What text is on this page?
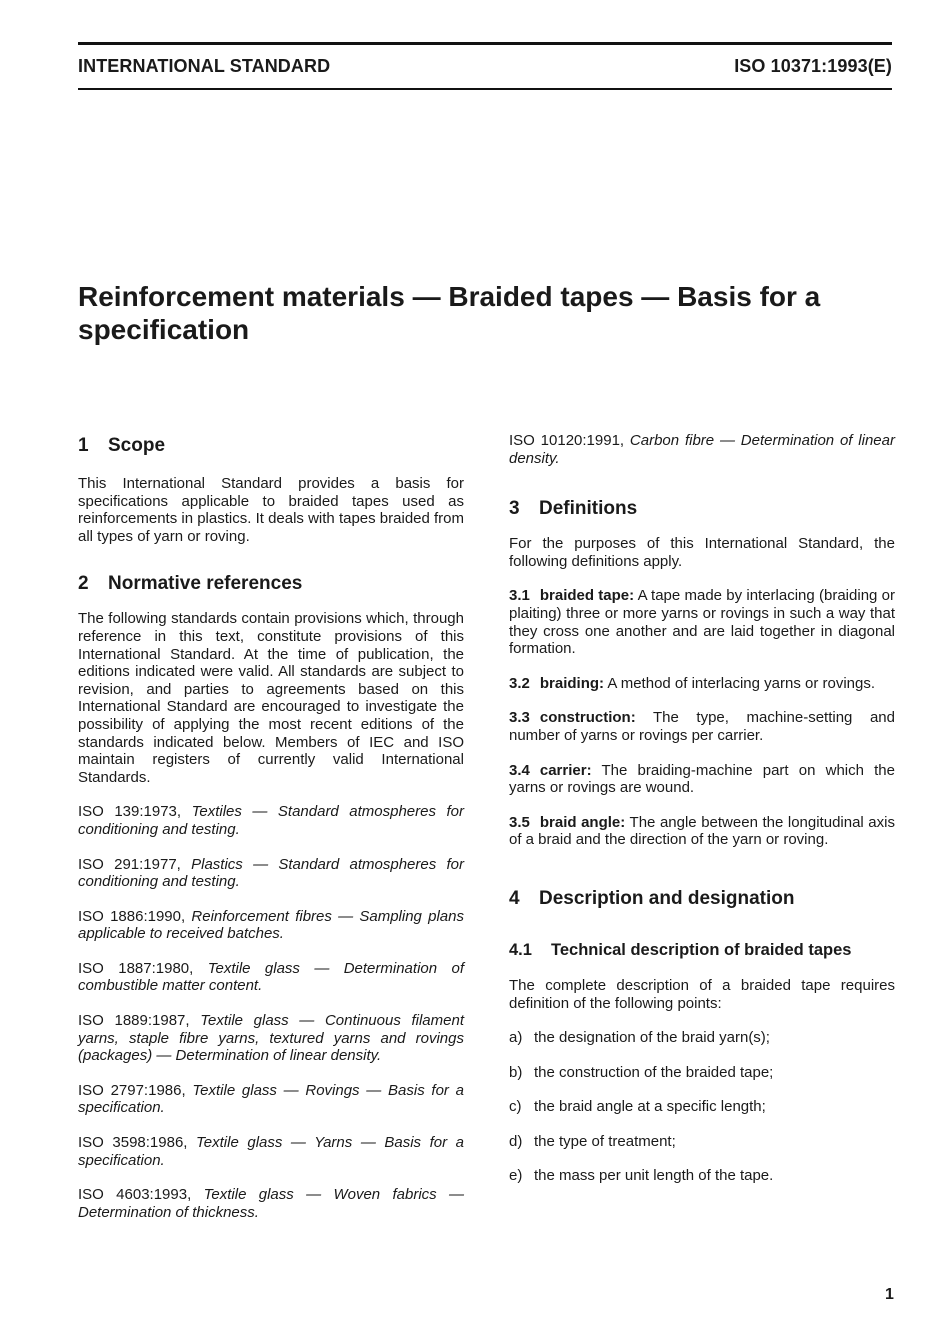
INTERNATIONAL STANDARD	ISO 10371:1993(E)
Reinforcement materials — Braided tapes — Basis for a specification
1 Scope

This International Standard provides a basis for specifications applicable to braided tapes used as reinforcements in plastics. It deals with tapes braided from all types of yarn or roving.

2 Normative references

The following standards contain provisions which, through reference in this text, constitute provisions of this International Standard. At the time of publication, the editions indicated were valid. All standards are subject to revision, and parties to agreements based on this International Standard are encouraged to investigate the possibility of applying the most recent editions of the standards indicated below. Members of IEC and ISO maintain registers of currently valid International Standards.

ISO 139:1973, Textiles — Standard atmospheres for conditioning and testing.

ISO 291:1977, Plastics — Standard atmospheres for conditioning and testing.

ISO 1886:1990, Reinforcement fibres — Sampling plans applicable to received batches.

ISO 1887:1980, Textile glass — Determination of combustible matter content.

ISO 1889:1987, Textile glass — Continuous filament yarns, staple fibre yarns, textured yarns and rovings (packages) — Determination of linear density.

ISO 2797:1986, Textile glass — Rovings — Basis for a specification.

ISO 3598:1986, Textile glass — Yarns — Basis for a specification.

ISO 4603:1993, Textile glass — Woven fabrics — Determination of thickness.

ISO 10120:1991, Carbon fibre — Determination of linear density.

3 Definitions

For the purposes of this International Standard, the following definitions apply.

3.1 braided tape: A tape made by interlacing (braiding or plaiting) three or more yarns or rovings in such a way that they cross one another and are laid together in diagonal formation.

3.2 braiding: A method of interlacing yarns or rovings.

3.3 construction: The type, machine-setting and number of yarns or rovings per carrier.

3.4 carrier: The braiding-machine part on which the yarns or rovings are wound.

3.5 braid angle: The angle between the longitudinal axis of a braid and the direction of the yarn or roving.

4 Description and designation
4.1 Technical description of braided tapes

The complete description of a braided tape requires definition of the following points:

a) the designation of the braid yarn(s);
b) the construction of the braided tape;
c) the braid angle at a specific length;
d) the type of treatment;
e) the mass per unit length of the tape.
1
